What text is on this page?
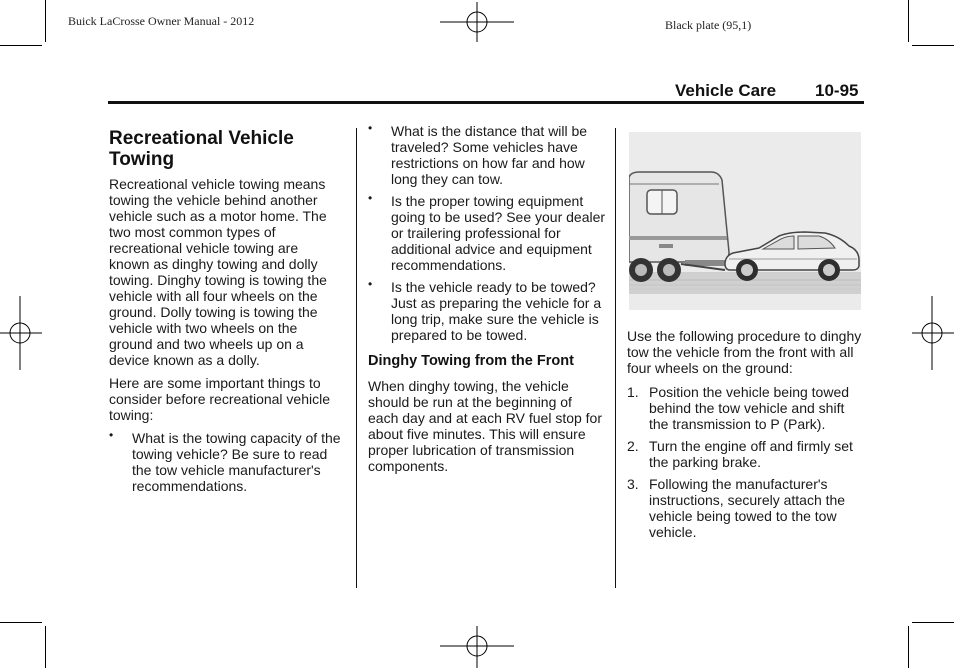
Buick LaCrosse Owner Manual - 2012	Black plate (95,1)
Vehicle Care 10-95
Recreational Vehicle Towing

Recreational vehicle towing means towing the vehicle behind another vehicle such as a motor home. The two most common types of recreational vehicle towing are known as dinghy towing and dolly towing. Dinghy towing is towing the vehicle with all four wheels on the ground. Dolly towing is towing the vehicle with two wheels on the ground and two wheels up on a device known as a dolly.

Here are some important things to consider before recreational vehicle towing:

• What is the towing capacity of the towing vehicle? Be sure to read the tow vehicle manufacturer's recommendations.
• What is the distance that will be traveled? Some vehicles have restrictions on how far and how long they can tow.
• Is the proper towing equipment going to be used? See your dealer or trailering professional for additional advice and equipment recommendations.
• Is the vehicle ready to be towed? Just as preparing the vehicle for a long trip, make sure the vehicle is prepared to be towed.
Dinghy Towing from the Front

When dinghy towing, the vehicle should be run at the beginning of each day and at each RV fuel stop for about five minutes. This will ensure proper lubrication of transmission components.

Use the following procedure to dinghy tow the vehicle from the front with all four wheels on the ground:

1. Position the vehicle being towed behind the tow vehicle and shift the transmission to P (Park).
2. Turn the engine off and firmly set the parking brake.
3. Following the manufacturer's instructions, securely attach the vehicle being towed to the tow vehicle.
